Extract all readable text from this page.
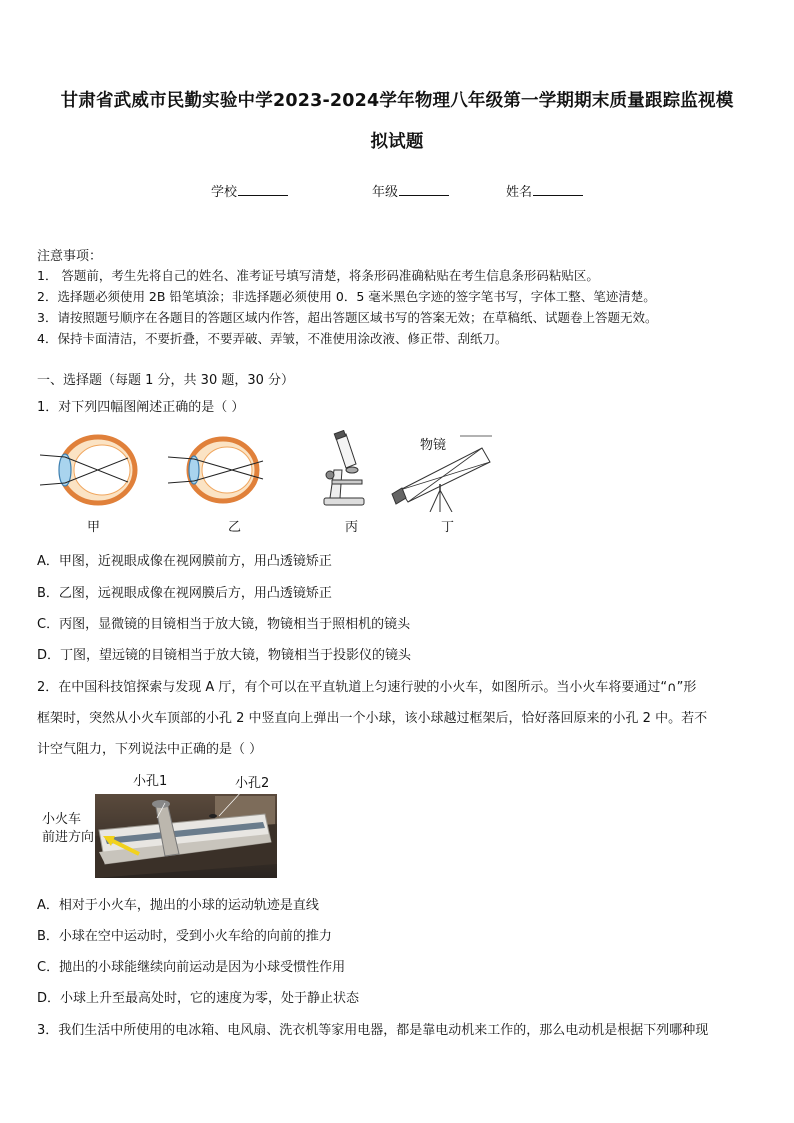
甘肃省武威市民勤实验中学2023-2024学年物理八年级第一学期期末质量跟踪监视模
拟试题
学校	年级	姓名
注意事项：
1． 答题前，考生先将自己的姓名、准考证号填写清楚，将条形码准确粘贴在考生信息条形码粘贴区。
2．选择题必须使用 2B 铅笔填涂；非选择题必须使用 0．5 毫米黑色字迹的签字笔书写，字体工整、笔迹清楚。
3．请按照题号顺序在各题目的答题区域内作答，超出答题区域书写的答案无效；在草稿纸、试题卷上答题无效。
4．保持卡面清洁，不要折叠，不要弄破、弄皱，不准使用涂改液、修正带、刮纸刀。
一、选择题（每题 1 分，共 30 题，30 分）
1．对下列四幅图阐述正确的是（ ）
甲	乙	丙
物镜
丁
A．甲图，近视眼成像在视网膜前方，用凸透镜矫正
B．乙图，远视眼成像在视网膜后方，用凸透镜矫正
C．丙图，显微镜的目镜相当于放大镜，物镜相当于照相机的镜头
D．丁图，望远镜的目镜相当于放大镜，物镜相当于投影仪的镜头
2．在中国科技馆探索与发现 A 厅，有个可以在平直轨道上匀速行驶的小火车，如图所示。当小火车将要通过“∩”形
框架时，突然从小火车顶部的小孔 2 中竖直向上弹出一个小球，该小球越过框架后，恰好落回原来的小孔 2 中。若不
计空气阻力，下列说法中正确的是（ ）
小孔1	小孔2
小火车
前进方向
A．相对于小火车，抛出的小球的运动轨迹是直线
B．小球在空中运动时，受到小火车给的向前的推力
C．抛出的小球能继续向前运动是因为小球受惯性作用
D．小球上升至最高处时，它的速度为零，处于静止状态
3．我们生活中所使用的电冰箱、电风扇、洗衣机等家用电器，都是靠电动机来工作的，那么电动机是根据下列哪种现
